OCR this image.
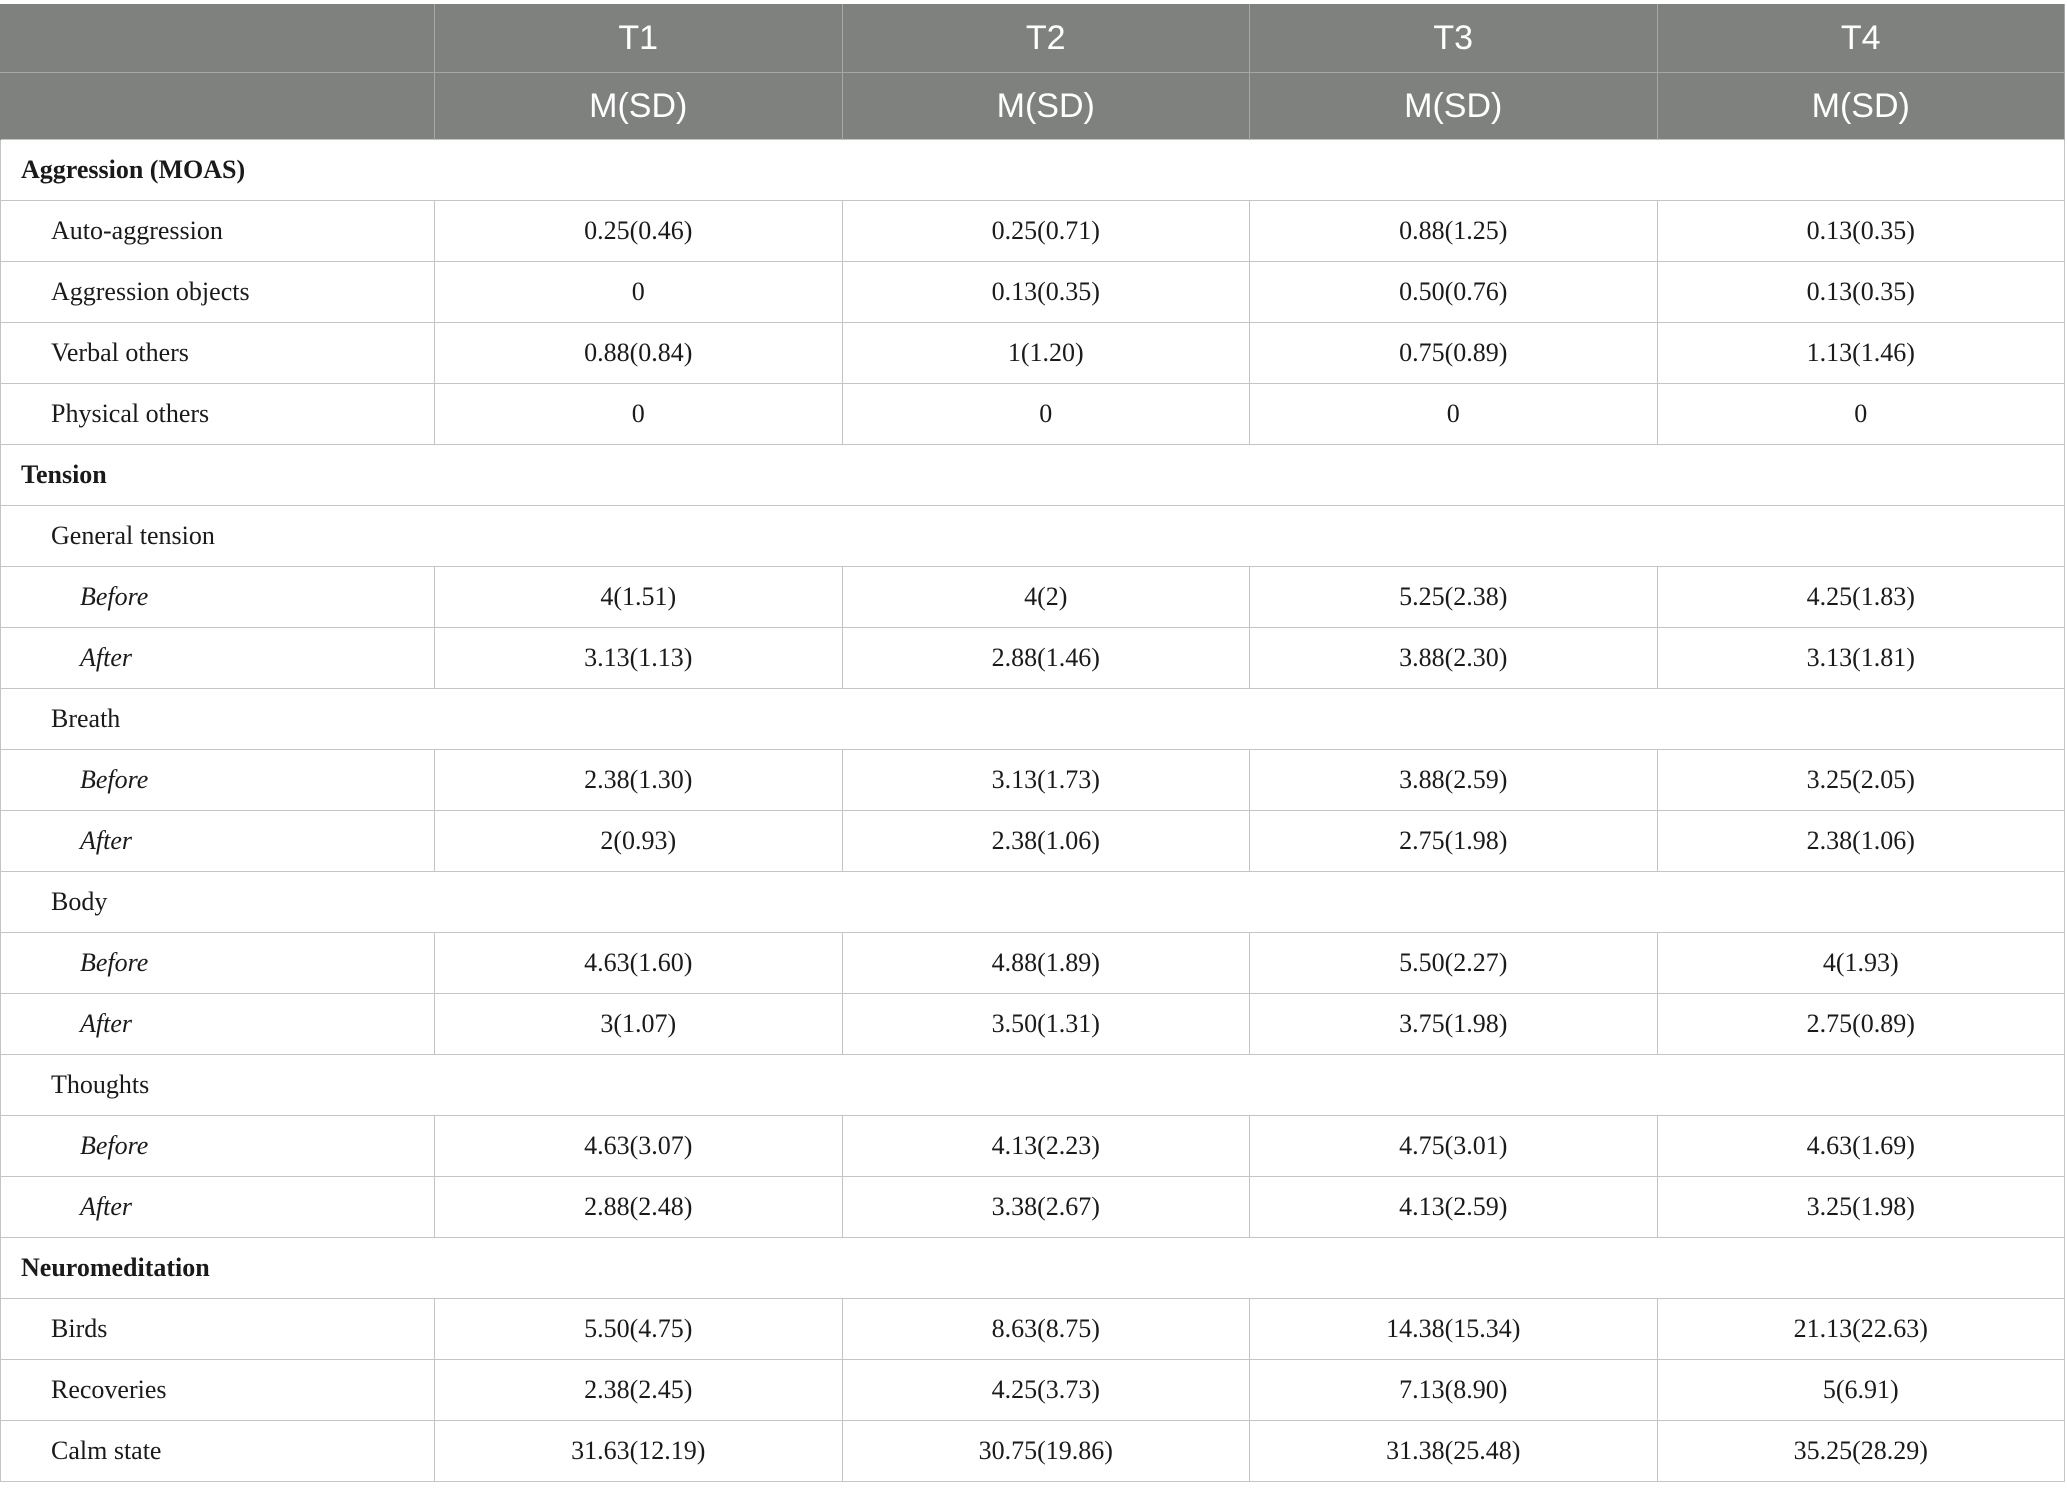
	T1	T2	T3	T4
	M(SD)	M(SD)	M(SD)	M(SD)
Aggression (MOAS)				
Auto-aggression	0.25(0.46)	0.25(0.71)	0.88(1.25)	0.13(0.35)
Aggression objects	0	0.13(0.35)	0.50(0.76)	0.13(0.35)
Verbal others	0.88(0.84)	1(1.20)	0.75(0.89)	1.13(1.46)
Physical others	0	0	0	0
Tension				
General tension				
Before	4(1.51)	4(2)	5.25(2.38)	4.25(1.83)
After	3.13(1.13)	2.88(1.46)	3.88(2.30)	3.13(1.81)
Breath				
Before	2.38(1.30)	3.13(1.73)	3.88(2.59)	3.25(2.05)
After	2(0.93)	2.38(1.06)	2.75(1.98)	2.38(1.06)
Body				
Before	4.63(1.60)	4.88(1.89)	5.50(2.27)	4(1.93)
After	3(1.07)	3.50(1.31)	3.75(1.98)	2.75(0.89)
Thoughts				
Before	4.63(3.07)	4.13(2.23)	4.75(3.01)	4.63(1.69)
After	2.88(2.48)	3.38(2.67)	4.13(2.59)	3.25(1.98)
Neuromeditation				
Birds	5.50(4.75)	8.63(8.75)	14.38(15.34)	21.13(22.63)
Recoveries	2.38(2.45)	4.25(3.73)	7.13(8.90)	5(6.91)
Calm state	31.63(12.19)	30.75(19.86)	31.38(25.48)	35.25(28.29)
